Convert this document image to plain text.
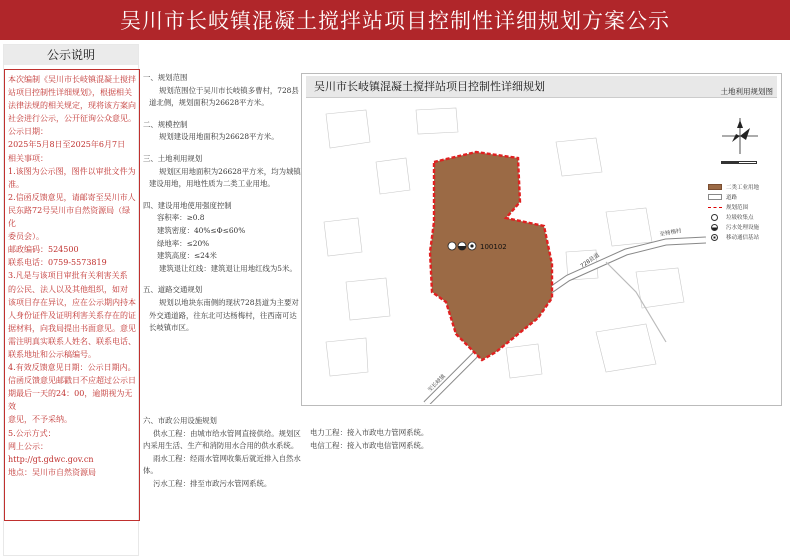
吴川市长岐镇混凝土搅拌站项目控制性详细规划方案公示
公示说明

本次编制《吴川市长岐镇混凝土搅拌

站项目控制性详细规划》，根据相关

法律法规的相关规定，现将该方案向

社会进行公示，公开征询公众意见。

公示日期：

2025年5月8日至2025年6月7日

相关事项：

1.该图为公示图，图件以审批文件为

准。

2.信函反馈意见，请邮寄至吴川市人

民东路72号吴川市自然资源局（绿化

委员会）。

邮政编码：524500

联系电话：0759-5573819

3.凡是与该项目审批有关利害关系

的公民、法人以及其他组织，如对

该项目存在异议，应在公示期内持本

人身份证件及证明利害关系存在的证

据材料，向我局提出书面意见。意见

需注明真实联系人姓名、联系电话、

联系地址和公示稿编号。

4.有效反馈意见日期：公示日期内。

信函反馈意见邮戳日不应超过公示日

期最后一天的24：00，逾期视为无效

意见，不予采纳。

5.公示方式：

网上公示：

http://gt.gdwc.gov.cn

地点：吴川市自然资源局

一、规划范围

规划范围位于吴川市长岐镇多曹村，728县道北侧，规划面积为26628平方米。

二、规模控制

规划建设用地面积为26628平方米。

三、土地利用规划

规划区用地面积为26628平方米，均为城镇建设用地，用地性质为二类工业用地。

四、建设用地使用强度控制

容积率：≥0.8

建筑密度：40%≤Φ≤60%

绿地率：≤20%

建筑高度：≤24米

建筑退让红线：建筑退让用地红线为5米。

五、道路交通规划

规划以地块东南侧的现状728县道为主要对外交通道路，往东北可达杨梅村，往西南可达长岐镇市区。

六、市政公用设施规划

供水工程：由城市给水管网直接供给。规划区内采用生活、生产和消防用水合用的供水系统。

雨水工程：经雨水管网收集后就近排入自然水体。

污水工程：排至市政污水管网系统。

电力工程：接入市政电力管网系统。

电信工程：接入市政电信管网系统。

吴川市长岐镇混凝土搅拌站项目控制性详细规划	土地利用规划图
100102
728县道
至杨梅村
至长岐镇
二类工业用地
道路
规划范围
垃圾收集点
污水处理设施
移动通信基站
